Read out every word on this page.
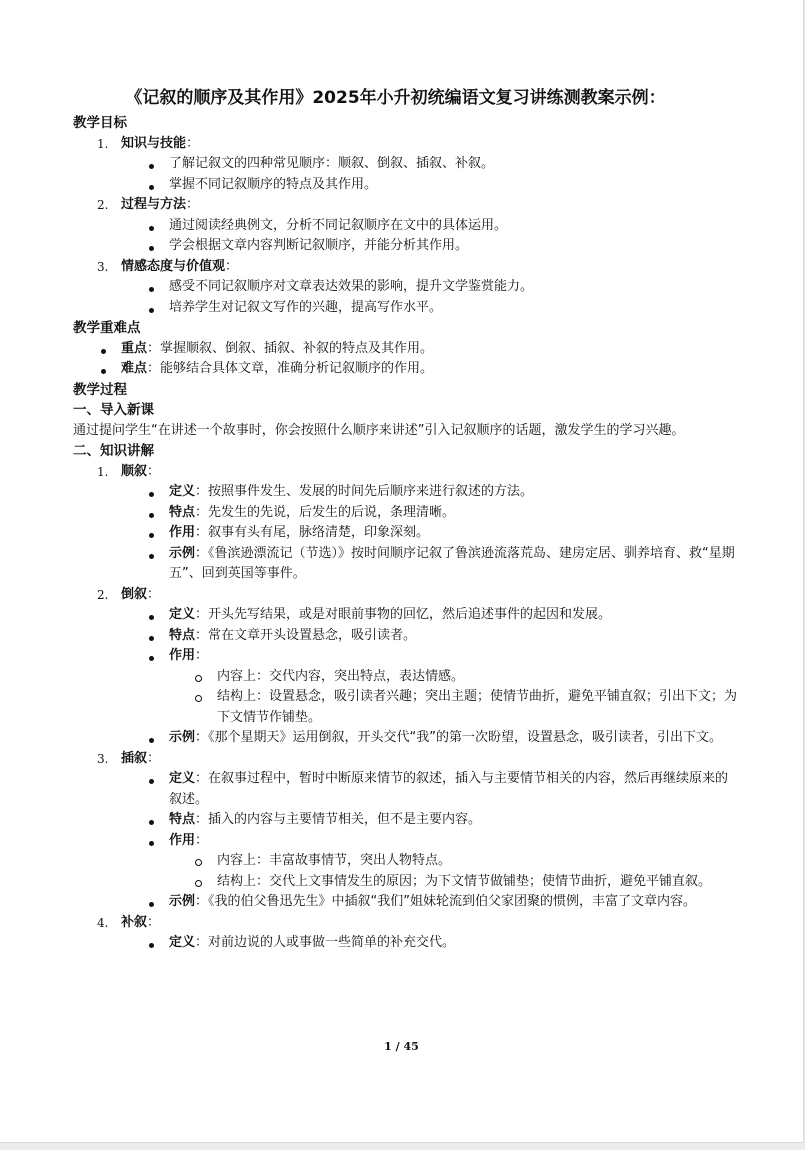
《记叙的顺序及其作用》2025年小升初统编语文复习讲练测教案示例：
教学目标
1. 知识与技能：
了解记叙文的四种常见顺序：顺叙、倒叙、插叙、补叙。
掌握不同记叙顺序的特点及其作用。
2. 过程与方法：
通过阅读经典例文，分析不同记叙顺序在文中的具体运用。
学会根据文章内容判断记叙顺序，并能分析其作用。
3. 情感态度与价值观：
感受不同记叙顺序对文章表达效果的影响，提升文学鉴赏能力。
培养学生对记叙文写作的兴趣，提高写作水平。
教学重难点
重点：掌握顺叙、倒叙、插叙、补叙的特点及其作用。
难点：能够结合具体文章，准确分析记叙顺序的作用。
教学过程
一、导入新课
通过提问学生“在讲述一个故事时，你会按照什么顺序来讲述”引入记叙顺序的话题，激发学生的学习兴趣。
二、知识讲解
1. 顺叙：
定义：按照事件发生、发展的时间先后顺序来进行叙述的方法。
特点：先发生的先说，后发生的后说，条理清晰。
作用：叙事有头有尾，脉络清楚，印象深刻。
示例：《鲁滨逊漂流记（节选）》按时间顺序记叙了鲁滨逊流落荒岛、建房定居、驯养培育、救“星期五”、回到英国等事件。
2. 倒叙：
定义：开头先写结果，或是对眼前事物的回忆，然后追述事件的起因和发展。
特点：常在文章开头设置悬念，吸引读者。
作用：
内容上：交代内容，突出特点，表达情感。
结构上：设置悬念，吸引读者兴趣；突出主题；使情节曲折，避免平铺直叙；引出下文；为下文情节作铺垫。
示例：《那个星期天》运用倒叙，开头交代“我”的第一次盼望，设置悬念，吸引读者，引出下文。
3. 插叙：
定义：在叙事过程中，暂时中断原来情节的叙述，插入与主要情节相关的内容，然后再继续原来的叙述。
特点：插入的内容与主要情节相关，但不是主要内容。
作用：
内容上：丰富故事情节，突出人物特点。
结构上：交代上文事情发生的原因；为下文情节做铺垫；使情节曲折，避免平铺直叙。
示例：《我的伯父鲁迅先生》中插叙“我们”姐妹轮流到伯父家团聚的惯例，丰富了文章内容。
4. 补叙：
定义：对前边说的人或事做一些简单的补充交代。
1 / 45
